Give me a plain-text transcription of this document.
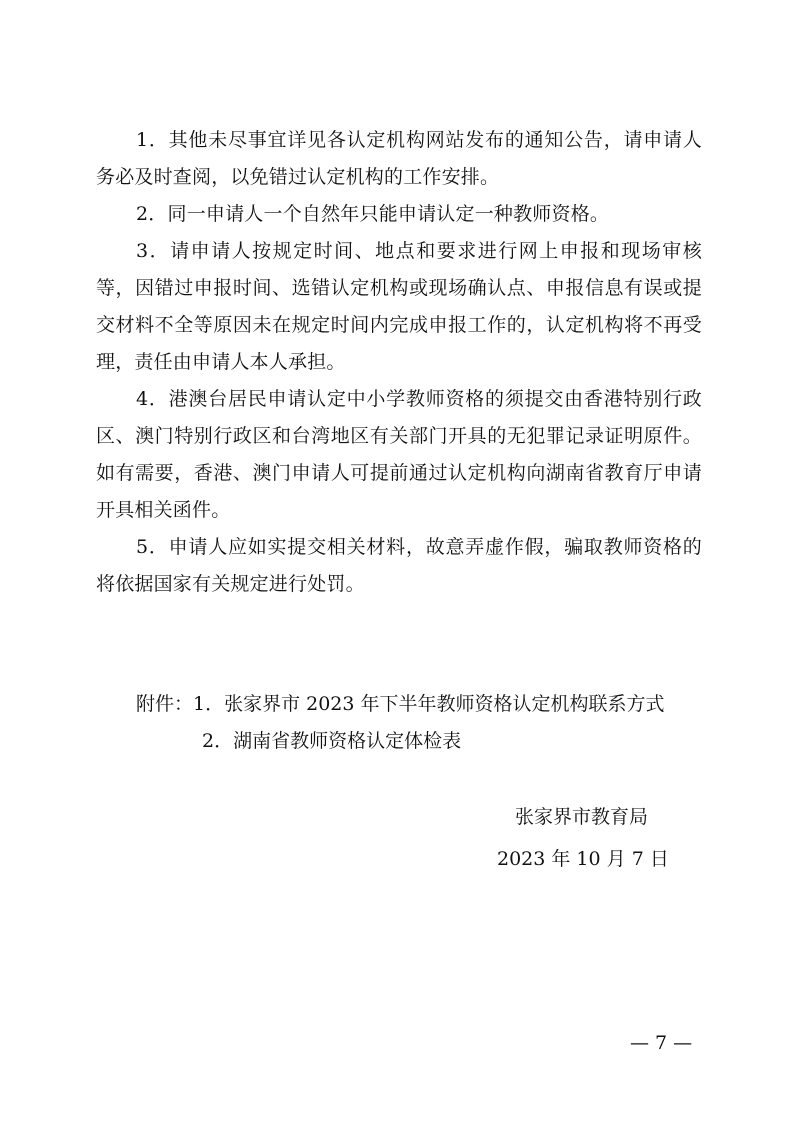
1．其他未尽事宜详见各认定机构网站发布的通知公告，请申请人务必及时查阅，以免错过认定机构的工作安排。

2．同一申请人一个自然年只能申请认定一种教师资格。

3．请申请人按规定时间、地点和要求进行网上申报和现场审核等，因错过申报时间、选错认定机构或现场确认点、申报信息有误或提交材料不全等原因未在规定时间内完成申报工作的，认定机构将不再受理，责任由申请人本人承担。

4．港澳台居民申请认定中小学教师资格的须提交由香港特别行政区、澳门特别行政区和台湾地区有关部门开具的无犯罪记录证明原件。如有需要，香港、澳门申请人可提前通过认定机构向湖南省教育厅申请开具相关函件。

5．申请人应如实提交相关材料，故意弄虚作假，骗取教师资格的将依据国家有关规定进行处罚。

附件：1．张家界市 2023 年下半年教师资格认定机构联系方式
2．湖南省教师资格认定体检表
张家界市教育局
2023 年 10 月 7 日
— 7 —
